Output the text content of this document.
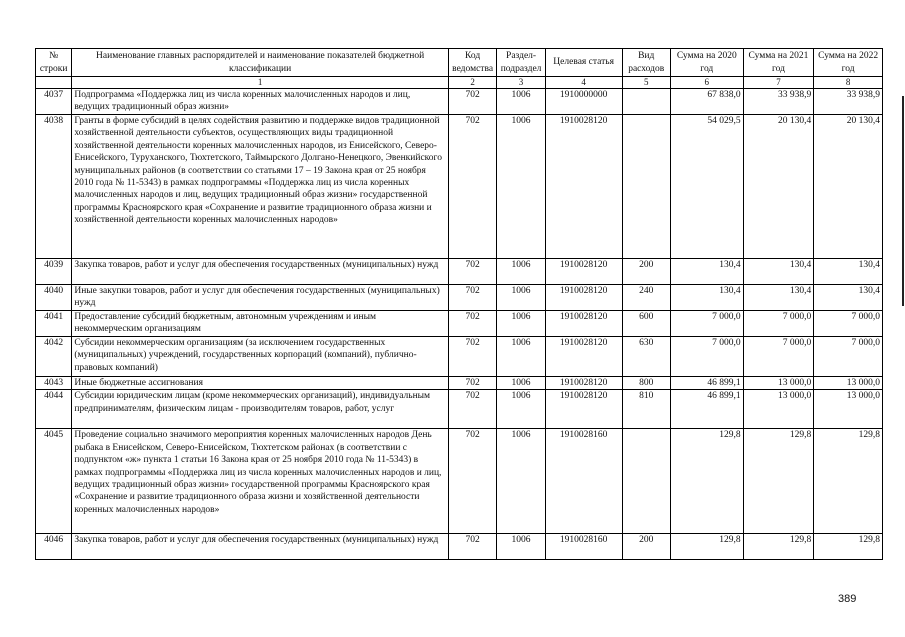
№ строки	Наименование главных распорядителей и наименование показателей бюджетной классификации	Код ведомства	Раздел-подраздел	Целевая статья	Вид расходов	Сумма на 2020 год	Сумма на 2021 год	Сумма на 2022 год
	1	2	3	4	5	6	7	8
4037	Подпрограмма «Поддержка лиц из числа коренных малочисленных народов и лиц, ведущих традиционный образ жизни»	702	1006	1910000000		67 838,0	33 938,9	33 938,9
4038	Гранты в форме субсидий в целях содействия развитию и поддержке видов традиционной хозяйственной деятельности субъектов, осуществляющих виды традиционной хозяйственной деятельности коренных малочисленных народов, из Енисейского, Северо-Енисейского, Туруханского, Тюхтетского, Таймырского Долгано-Ненецкого, Эвенкийского муниципальных районов (в соответствии со статьями 17 – 19 Закона края от 25 ноября 2010 года № 11-5343) в рамках подпрограммы «Поддержка лиц из числа коренных малочисленных народов и лиц, ведущих традиционный образ жизни» государственной программы Красноярского края «Сохранение и развитие традиционного образа жизни и хозяйственной деятельности коренных малочисленных народов»	702	1006	1910028120		54 029,5	20 130,4	20 130,4
4039	Закупка товаров, работ и услуг для обеспечения государственных (муниципальных) нужд	702	1006	1910028120	200	130,4	130,4	130,4
4040	Иные закупки товаров, работ и услуг для обеспечения государственных (муниципальных) нужд	702	1006	1910028120	240	130,4	130,4	130,4
4041	Предоставление субсидий бюджетным, автономным учреждениям и иным некоммерческим организациям	702	1006	1910028120	600	7 000,0	7 000,0	7 000,0
4042	Субсидии некоммерческим организациям (за исключением государственных (муниципальных) учреждений, государственных корпораций (компаний), публично-правовых компаний)	702	1006	1910028120	630	7 000,0	7 000,0	7 000,0
4043	Иные бюджетные ассигнования	702	1006	1910028120	800	46 899,1	13 000,0	13 000,0
4044	Субсидии юридическим лицам (кроме некоммерческих организаций), индивидуальным предпринимателям, физическим лицам - производителям товаров, работ, услуг	702	1006	1910028120	810	46 899,1	13 000,0	13 000,0
4045	Проведение социально значимого мероприятия коренных малочисленных народов День рыбака в Енисейском, Северо-Енисейском, Тюхтетском районах (в соответствии с подпунктом «ж» пункта 1 статьи 16 Закона края от 25 ноября 2010 года № 11-5343) в рамках подпрограммы «Поддержка лиц из числа коренных малочисленных народов и лиц, ведущих традиционный образ жизни» государственной программы Красноярского края «Сохранение и развитие традиционного образа жизни и хозяйственной деятельности коренных малочисленных народов»	702	1006	1910028160		129,8	129,8	129,8
4046	Закупка товаров, работ и услуг для обеспечения государственных (муниципальных) нужд	702	1006	1910028160	200	129,8	129,8	129,8
389
